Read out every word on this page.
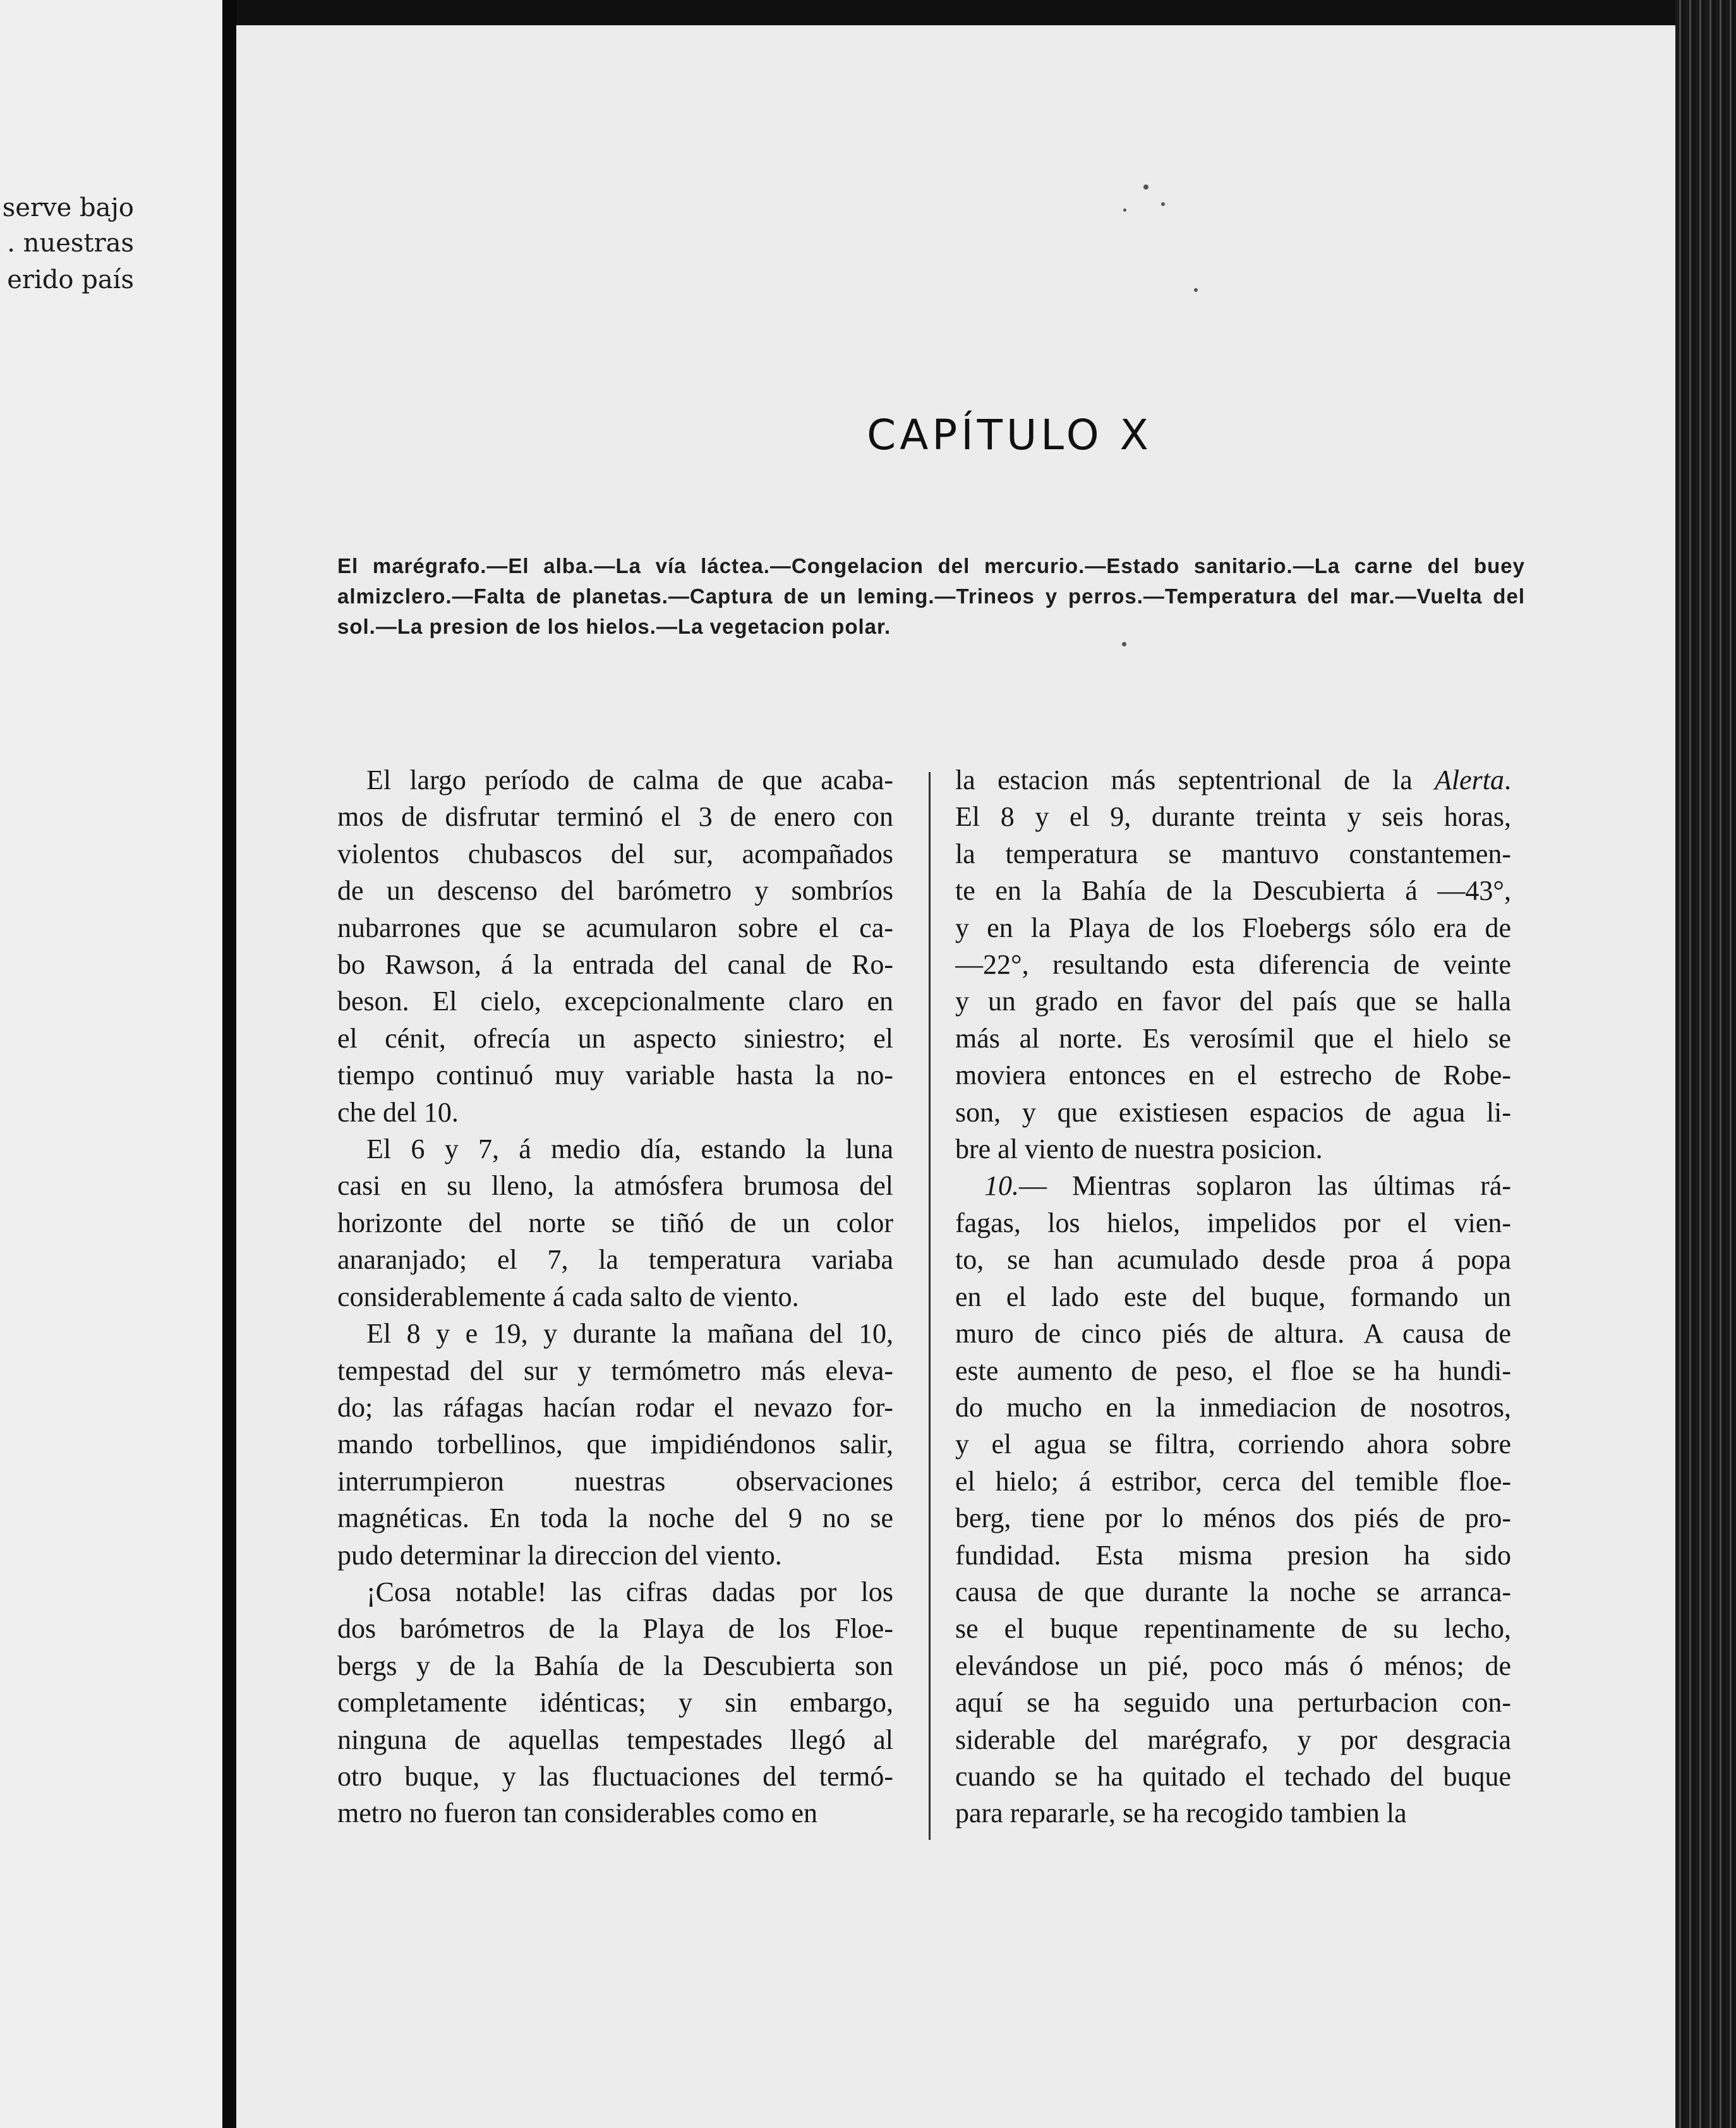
serve bajo
. nuestras
erido país
CAPÍTULO X
El marégrafo.—El alba.—La vía láctea.—Congelacion del mercurio.—Estado sanitario.—La carne del buey almizclero.—Falta de planetas.—Captura de un leming.—Trineos y perros.—Temperatura del mar.—Vuelta del sol.—La presion de los hielos.—La vegetacion polar.

El largo período de calma de que acaba-
mos de disfrutar terminó el 3 de enero con
violentos chubascos del sur, acompañados
de un descenso del barómetro y sombríos
nubarrones que se acumularon sobre el ca-
bo Rawson, á la entrada del canal de Ro-
beson. El cielo, excepcionalmente claro en
el cénit, ofrecía un aspecto siniestro; el
tiempo continuó muy variable hasta la no-
che del 10.

El 6 y 7, á medio día, estando la luna
casi en su lleno, la atmósfera brumosa del
horizonte del norte se tiñó de un color
anaranjado; el 7, la temperatura variaba
considerablemente á cada salto de viento.

El 8 y e 19, y durante la mañana del 10,
tempestad del sur y termómetro más eleva-
do; las ráfagas hacían rodar el nevazo for-
mando torbellinos, que impidiéndonos salir,
interrumpieron nuestras observaciones
magnéticas. En toda la noche del 9 no se
pudo determinar la direccion del viento.

¡Cosa notable! las cifras dadas por los
dos barómetros de la Playa de los Floe-
bergs y de la Bahía de la Descubierta son
completamente idénticas; y sin embargo,
ninguna de aquellas tempestades llegó al
otro buque, y las fluctuaciones del termó-
metro no fueron tan considerables como en

la estacion más septentrional de la Alerta.
El 8 y el 9, durante treinta y seis horas,
la temperatura se mantuvo constantemen-
te en la Bahía de la Descubierta á —43°,
y en la Playa de los Floebergs sólo era de
—22°, resultando esta diferencia de veinte
y un grado en favor del país que se halla
más al norte. Es verosímil que el hielo se
moviera entonces en el estrecho de Robe-
son, y que existiesen espacios de agua li-
bre al viento de nuestra posicion.

10.— Mientras soplaron las últimas rá-
fagas, los hielos, impelidos por el vien-
to, se han acumulado desde proa á popa
en el lado este del buque, formando un
muro de cinco piés de altura. A causa de
este aumento de peso, el floe se ha hundi-
do mucho en la inmediacion de nosotros,
y el agua se filtra, corriendo ahora sobre
el hielo; á estribor, cerca del temible floe-
berg, tiene por lo ménos dos piés de pro-
fundidad. Esta misma presion ha sido
causa de que durante la noche se arranca-
se el buque repentinamente de su lecho,
elevándose un pié, poco más ó ménos; de
aquí se ha seguido una perturbacion con-
siderable del marégrafo, y por desgracia
cuando se ha quitado el techado del buque
para repararle, se ha recogido tambien la
